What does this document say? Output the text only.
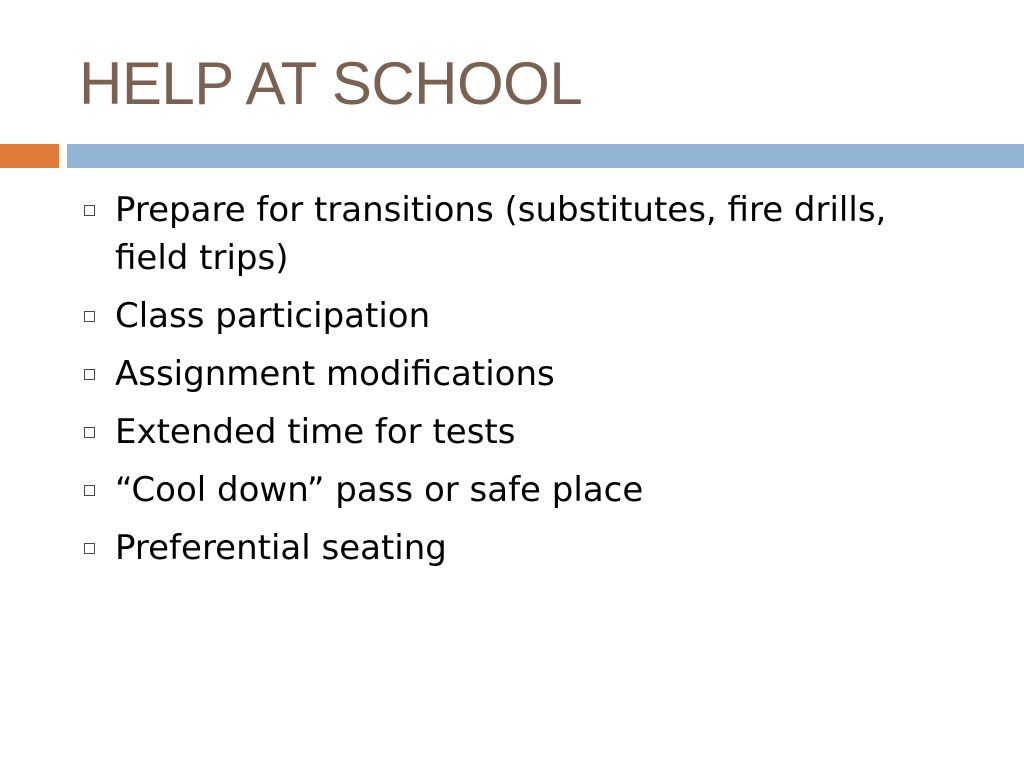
HELP AT SCHOOL
Prepare for transitions (substitutes, fire drills, field trips)
Class participation
Assignment modifications
Extended time for tests
“Cool down” pass or safe place
Preferential seating
